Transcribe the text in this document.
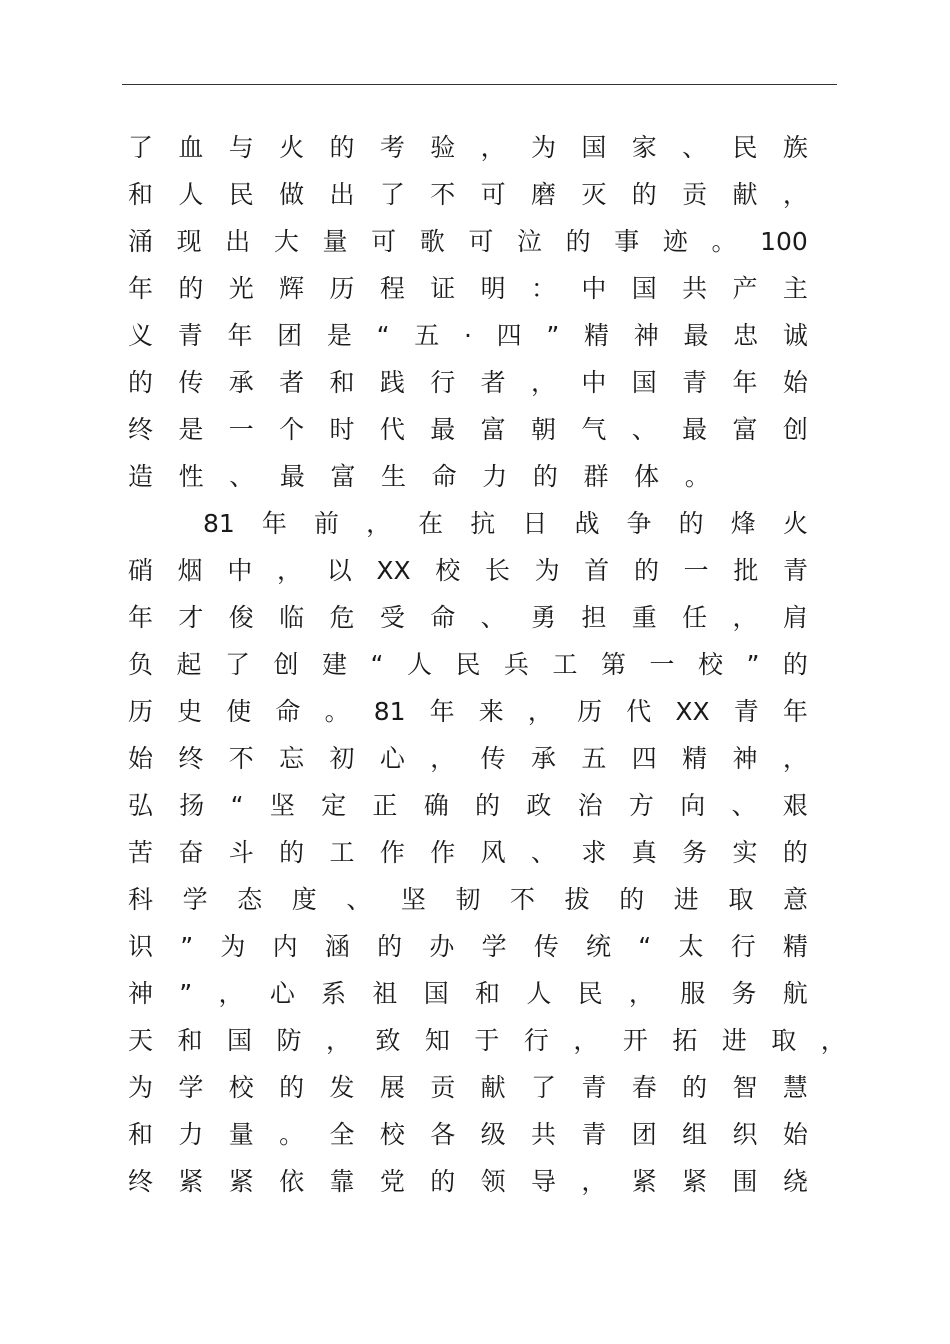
了 血 与 火 的 考 验 ， 为 国 家 、 民 族
和 人 民 做 出 了 不 可 磨 灭 的 贡 献 ，
涌 现 出 大 量 可 歌 可 泣 的 事 迹 。 100
年 的 光 辉 历 程 证 明 ： 中 国 共 产 主
义 青 年 团 是 “ 五 · 四 ” 精 神 最 忠 诚
的 传 承 者 和 践 行 者 ， 中 国 青 年 始
终 是 一 个 时 代 最 富 朝 气 、 最 富 创
造 性 、 最 富 生 命 力 的 群 体 。
81 年 前 ， 在 抗 日 战 争 的 烽 火
硝 烟 中 ， 以 XX 校 长 为 首 的 一 批 青
年 才 俊 临 危 受 命 、 勇 担 重 任 ， 肩
负 起 了 创 建 “ 人 民 兵 工 第 一 校 ” 的
历 史 使 命 。 81 年 来 ， 历 代 XX 青 年
始 终 不 忘 初 心 ， 传 承 五 四 精 神 ，
弘 扬 “ 坚 定 正 确 的 政 治 方 向 、 艰
苦 奋 斗 的 工 作 作 风 、 求 真 务 实 的
科 学 态 度 、 坚 韧 不 拔 的 进 取 意
识 ” 为 内 涵 的 办 学 传 统 “ 太 行 精
神 ” ， 心 系 祖 国 和 人 民 ， 服 务 航
天 和 国 防 ， 致 知 于 行 ， 开 拓 进 取 ，
为 学 校 的 发 展 贡 献 了 青 春 的 智 慧
和 力 量 。 全 校 各 级 共 青 团 组 织 始
终 紧 紧 依 靠 党 的 领 导 ， 紧 紧 围 绕
